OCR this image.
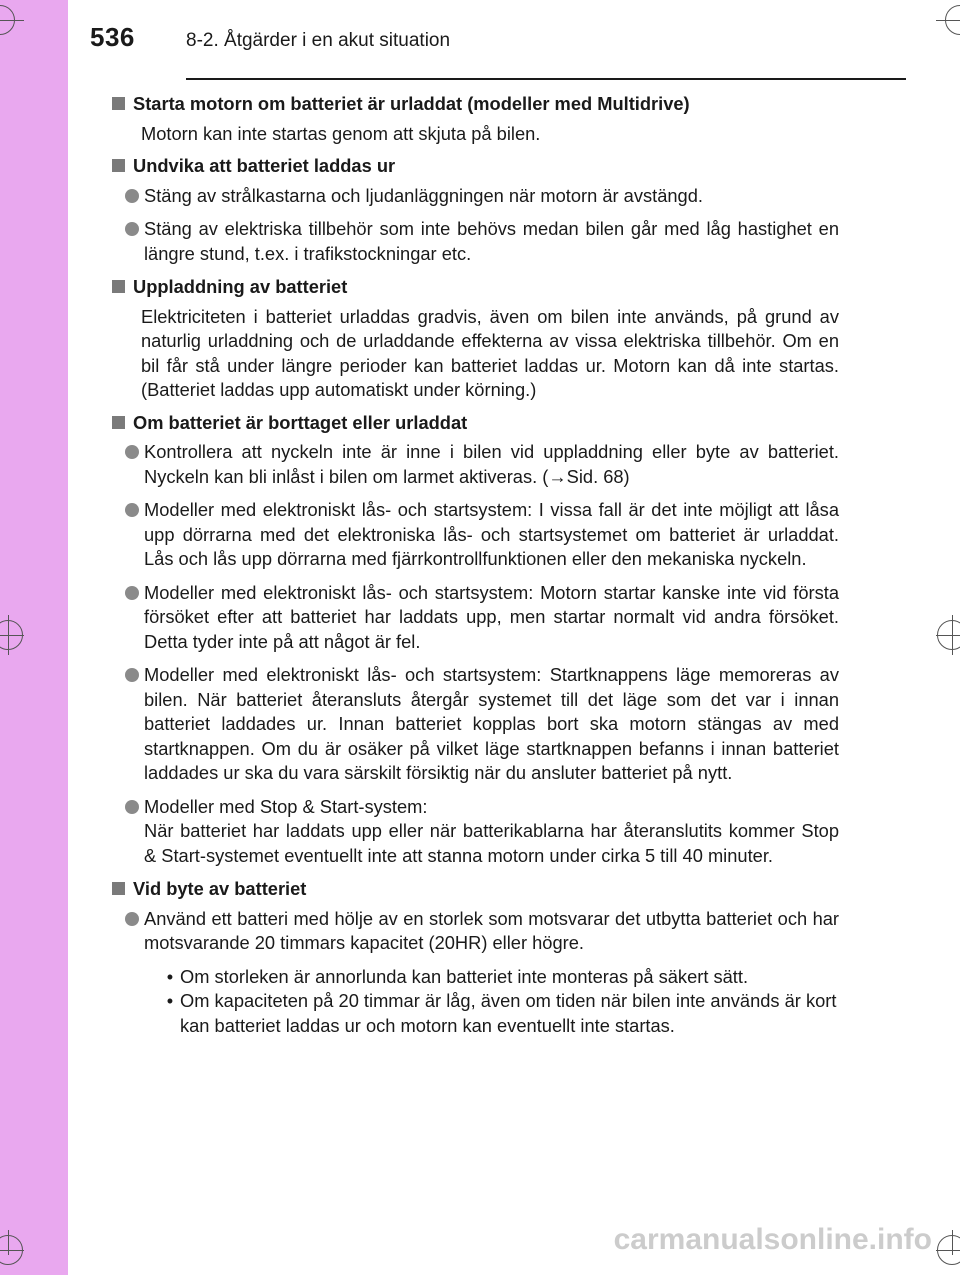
536	8-2. Åtgärder i en akut situation
Starta motorn om batteriet är urladdat (modeller med Multidrive)
Motorn kan inte startas genom att skjuta på bilen.
Undvika att batteriet laddas ur
Stäng av strålkastarna och ljudanläggningen när motorn är avstängd.
Stäng av elektriska tillbehör som inte behövs medan bilen går med låg hastighet en längre stund, t.ex. i trafikstockningar etc.
Uppladdning av batteriet
Elektriciteten i batteriet urladdas gradvis, även om bilen inte används, på grund av naturlig urladdning och de urladdande effekterna av vissa elektriska tillbehör. Om en bil får stå under längre perioder kan batteriet laddas ur. Motorn kan då inte startas. (Batteriet laddas upp automatiskt under körning.)
Om batteriet är borttaget eller urladdat
Kontrollera att nyckeln inte är inne i bilen vid uppladdning eller byte av batteriet. Nyckeln kan bli inlåst i bilen om larmet aktiveras. (→Sid. 68)
Modeller med elektroniskt lås- och startsystem: I vissa fall är det inte möjligt att låsa upp dörrarna med det elektroniska lås- och startsystemet om batteriet är urladdat. Lås och lås upp dörrarna med fjärrkontrollfunktionen eller den mekaniska nyckeln.
Modeller med elektroniskt lås- och startsystem: Motorn startar kanske inte vid första försöket efter att batteriet har laddats upp, men startar normalt vid andra försöket. Detta tyder inte på att något är fel.
Modeller med elektroniskt lås- och startsystem: Startknappens läge memoreras av bilen. När batteriet återansluts återgår systemet till det läge som det var i innan batteriet laddades ur. Innan batteriet kopplas bort ska motorn stängas av med startknappen. Om du är osäker på vilket läge startknappen befanns i innan batteriet laddades ur ska du vara särskilt försiktig när du ansluter batteriet på nytt.
Modeller med Stop & Start-system:
När batteriet har laddats upp eller när batterikablarna har återanslutits kommer Stop & Start-systemet eventuellt inte att stanna motorn under cirka 5 till 40 minuter.
Vid byte av batteriet
Använd ett batteri med hölje av en storlek som motsvarar det utbytta batteriet och har motsvarande 20 timmars kapacitet (20HR) eller högre.
• Om storleken är annorlunda kan batteriet inte monteras på säkert sätt.
• Om kapaciteten på 20 timmar är låg, även om tiden när bilen inte används är kort kan batteriet laddas ur och motorn kan eventuellt inte startas.
carmanualsonline.info
